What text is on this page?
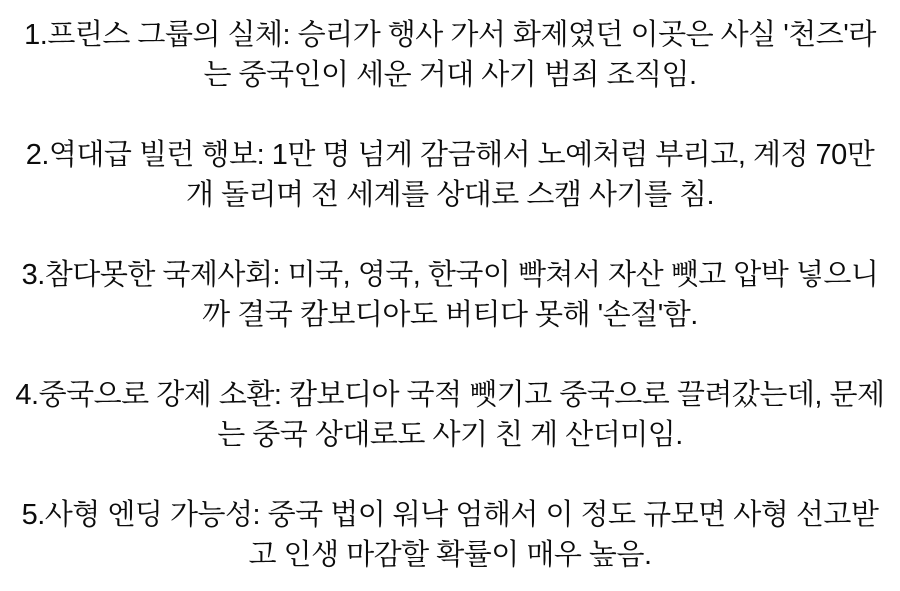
1.프린스 그룹의 실체: 승리가 행사 가서 화제였던 이곳은 사실 '천즈'라
는 중국인이 세운 거대 사기 범죄 조직임.
2.역대급 빌런 행보: 1만 명 넘게 감금해서 노예처럼 부리고, 계정 70만
개 돌리며 전 세계를 상대로 스캠 사기를 침.
3.참다못한 국제사회: 미국, 영국, 한국이 빡쳐서 자산 뺏고 압박 넣으니
까 결국 캄보디아도 버티다 못해 '손절'함.
4.중국으로 강제 소환: 캄보디아 국적 뺏기고 중국으로 끌려갔는데, 문제
는 중국 상대로도 사기 친 게 산더미임.
5.사형 엔딩 가능성: 중국 법이 워낙 엄해서 이 정도 규모면 사형 선고받
고 인생 마감할 확률이 매우 높음.
